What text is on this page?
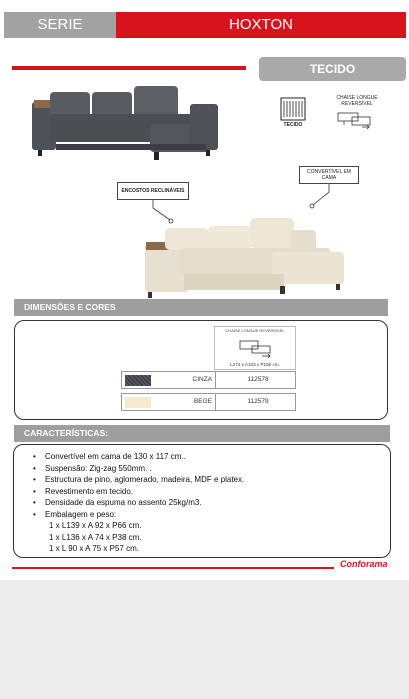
SERIE	HOXTON
TECIDO
TECIDO
CHAISE LONGUE REVERSÍVEL
CONVERTÍVEL EM CAMA
ENCOSTOS RECLINÁVEIS
DIMENSÕES E CORES
CHAISE LONGUE REVERSÍVEL
L274 x A103 x P156 cm.
CINZA	112578
BEGE	112579
CARACTERÍSTICAS:
• Convertível em cama de 130 x 117 cm..
• Suspensão: Zig-zag 550mm. .
• Estructura de pino, aglomerado, madeira, MDF e platex.
• Revestimento em tecido.
• Densidade da espuma no assento 25kg/m3.
• Embalagem e peso:
1 x L139 x A 92 x P66 cm.
1 x L136 x A 74 x P38 cm.
1 x L 90 x A 75 x P57 cm.
Conforama
